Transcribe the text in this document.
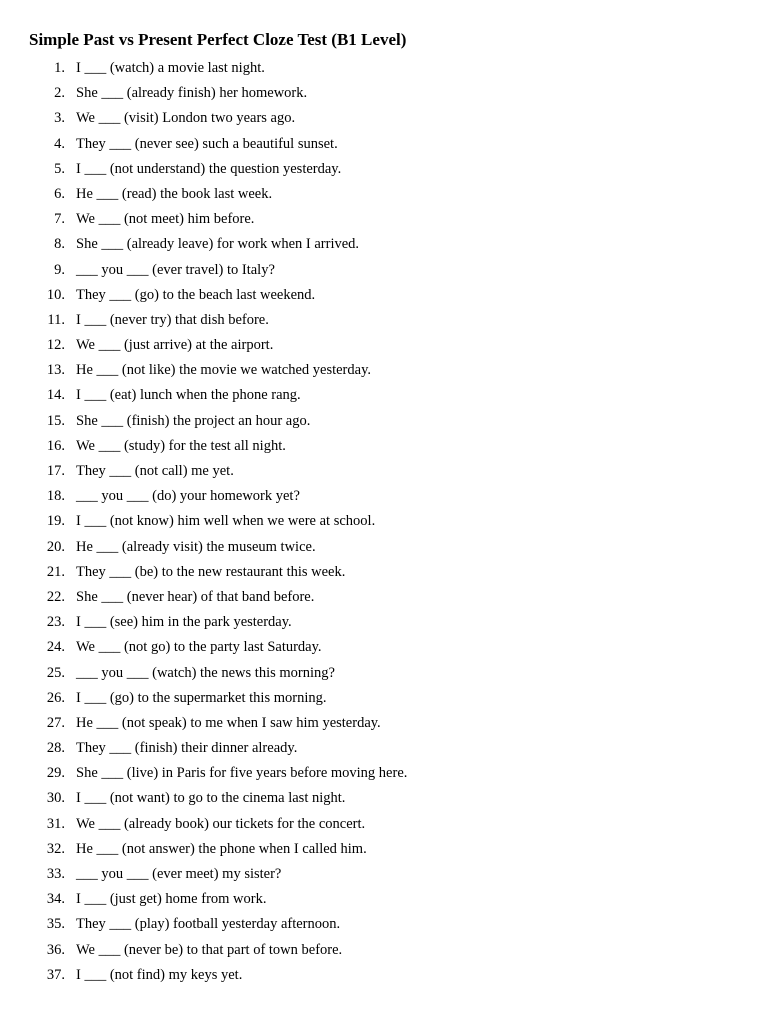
Simple Past vs Present Perfect Cloze Test (B1 Level)
1. I ___ (watch) a movie last night.
2. She ___ (already finish) her homework.
3. We ___ (visit) London two years ago.
4. They ___ (never see) such a beautiful sunset.
5. I ___ (not understand) the question yesterday.
6. He ___ (read) the book last week.
7. We ___ (not meet) him before.
8. She ___ (already leave) for work when I arrived.
9. ___ you ___ (ever travel) to Italy?
10. They ___ (go) to the beach last weekend.
11. I ___ (never try) that dish before.
12. We ___ (just arrive) at the airport.
13. He ___ (not like) the movie we watched yesterday.
14. I ___ (eat) lunch when the phone rang.
15. She ___ (finish) the project an hour ago.
16. We ___ (study) for the test all night.
17. They ___ (not call) me yet.
18. ___ you ___ (do) your homework yet?
19. I ___ (not know) him well when we were at school.
20. He ___ (already visit) the museum twice.
21. They ___ (be) to the new restaurant this week.
22. She ___ (never hear) of that band before.
23. I ___ (see) him in the park yesterday.
24. We ___ (not go) to the party last Saturday.
25. ___ you ___ (watch) the news this morning?
26. I ___ (go) to the supermarket this morning.
27. He ___ (not speak) to me when I saw him yesterday.
28. They ___ (finish) their dinner already.
29. She ___ (live) in Paris for five years before moving here.
30. I ___ (not want) to go to the cinema last night.
31. We ___ (already book) our tickets for the concert.
32. He ___ (not answer) the phone when I called him.
33. ___ you ___ (ever meet) my sister?
34. I ___ (just get) home from work.
35. They ___ (play) football yesterday afternoon.
36. We ___ (never be) to that part of town before.
37. I ___ (not find) my keys yet.
